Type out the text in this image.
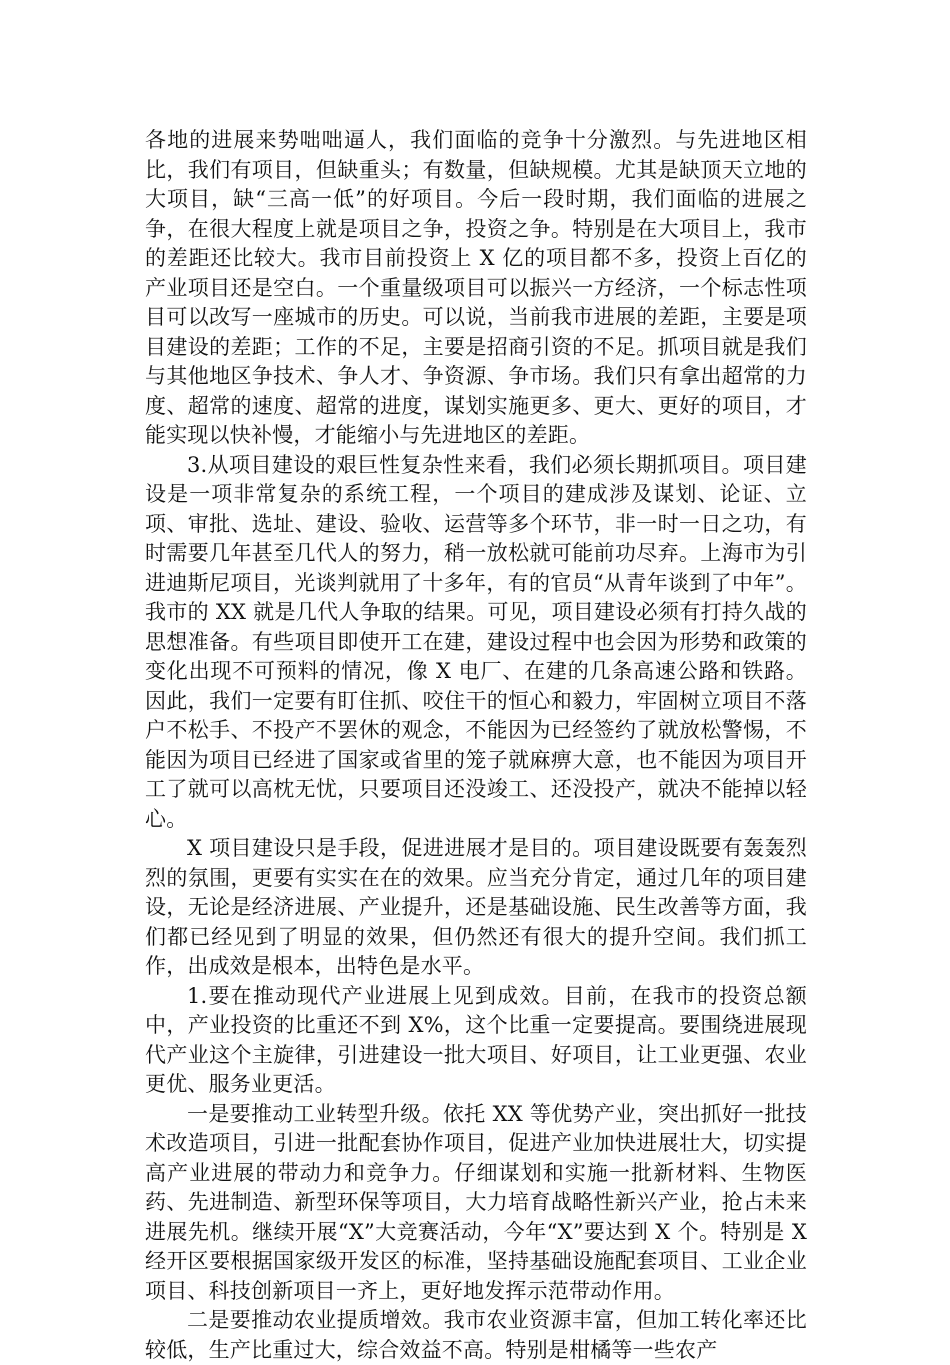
各地的进展来势咄咄逼人，我们面临的竞争十分激烈。与先进地区相比，我们有项目，但缺重头；有数量，但缺规模。尤其是缺顶天立地的大项目，缺“三高一低”的好项目。今后一段时期，我们面临的进展之争，在很大程度上就是项目之争，投资之争。特别是在大项目上，我市的差距还比较大。我市目前投资上 X 亿的项目都不多，投资上百亿的产业项目还是空白。一个重量级项目可以振兴一方经济，一个标志性项目可以改写一座城市的历史。可以说，当前我市进展的差距，主要是项目建设的差距；工作的不足，主要是招商引资的不足。抓项目就是我们与其他地区争技术、争人才、争资源、争市场。我们只有拿出超常的力度、超常的速度、超常的进度，谋划实施更多、更大、更好的项目，才能实现以快补慢，才能缩小与先进地区的差距。

3.从项目建设的艰巨性复杂性来看，我们必须长期抓项目。项目建设是一项非常复杂的系统工程，一个项目的建成涉及谋划、论证、立项、审批、选址、建设、验收、运营等多个环节，非一时一日之功，有时需要几年甚至几代人的努力，稍一放松就可能前功尽弃。上海市为引进迪斯尼项目，光谈判就用了十多年，有的官员“从青年谈到了中年”。我市的 XX 就是几代人争取的结果。可见，项目建设必须有打持久战的思想准备。有些项目即使开工在建，建设过程中也会因为形势和政策的变化出现不可预料的情况，像 X 电厂、在建的几条高速公路和铁路。因此，我们一定要有盯住抓、咬住干的恒心和毅力，牢固树立项目不落户不松手、不投产不罢休的观念，不能因为已经签约了就放松警惕，不能因为项目已经进了国家或省里的笼子就麻痹大意，也不能因为项目开工了就可以高枕无忧，只要项目还没竣工、还没投产，就决不能掉以轻心。

X 项目建设只是手段，促进进展才是目的。项目建设既要有轰轰烈烈的氛围，更要有实实在在的效果。应当充分肯定，通过几年的项目建设，无论是经济进展、产业提升，还是基础设施、民生改善等方面，我们都已经见到了明显的效果，但仍然还有很大的提升空间。我们抓工作，出成效是根本，出特色是水平。

1.要在推动现代产业进展上见到成效。目前，在我市的投资总额中，产业投资的比重还不到 X%，这个比重一定要提高。要围绕进展现代产业这个主旋律，引进建设一批大项目、好项目，让工业更强、农业更优、服务业更活。

一是要推动工业转型升级。依托 XX 等优势产业，突出抓好一批技术改造项目，引进一批配套协作项目，促进产业加快进展壮大，切实提高产业进展的带动力和竞争力。仔细谋划和实施一批新材料、生物医药、先进制造、新型环保等项目，大力培育战略性新兴产业，抢占未来进展先机。继续开展“X”大竞赛活动，今年“X”要达到 X 个。特别是 X 经开区要根据国家级开发区的标准，坚持基础设施配套项目、工业企业项目、科技创新项目一齐上，更好地发挥示范带动作用。

二是要推动农业提质增效。我市农业资源丰富，但加工转化率还比较低，生产比重过大，综合效益不高。特别是柑橘等一些农产
